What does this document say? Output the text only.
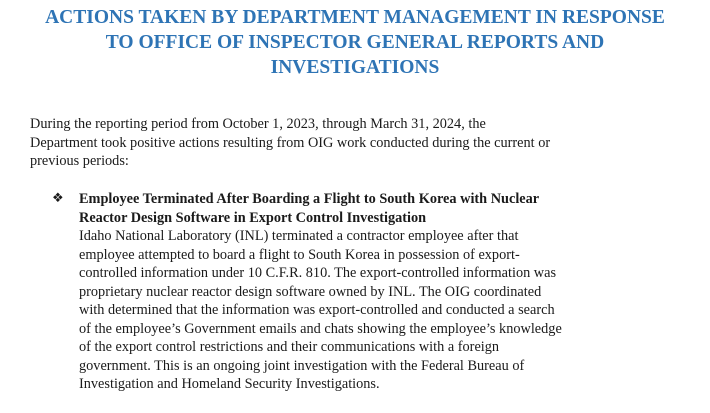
ACTIONS TAKEN BY DEPARTMENT MANAGEMENT IN RESPONSE
TO OFFICE OF INSPECTOR GENERAL REPORTS AND
INVESTIGATIONS

During the reporting period from October 1, 2023, through March 31, 2024, the
Department took positive actions resulting from OIG work conducted during the current or
previous periods:

❖ Employee Terminated After Boarding a Flight to South Korea with Nuclear
Reactor Design Software in Export Control Investigation

Idaho National Laboratory (INL) terminated a contractor employee after that
employee attempted to board a flight to South Korea in possession of export-
controlled information under 10 C.F.R. 810. The export-controlled information was
proprietary nuclear reactor design software owned by INL. The OIG coordinated
with determined that the information was export-controlled and conducted a search
of the employee’s Government emails and chats showing the employee’s knowledge
of the export control restrictions and their communications with a foreign
government. This is an ongoing joint investigation with the Federal Bureau of
Investigation and Homeland Security Investigations.
